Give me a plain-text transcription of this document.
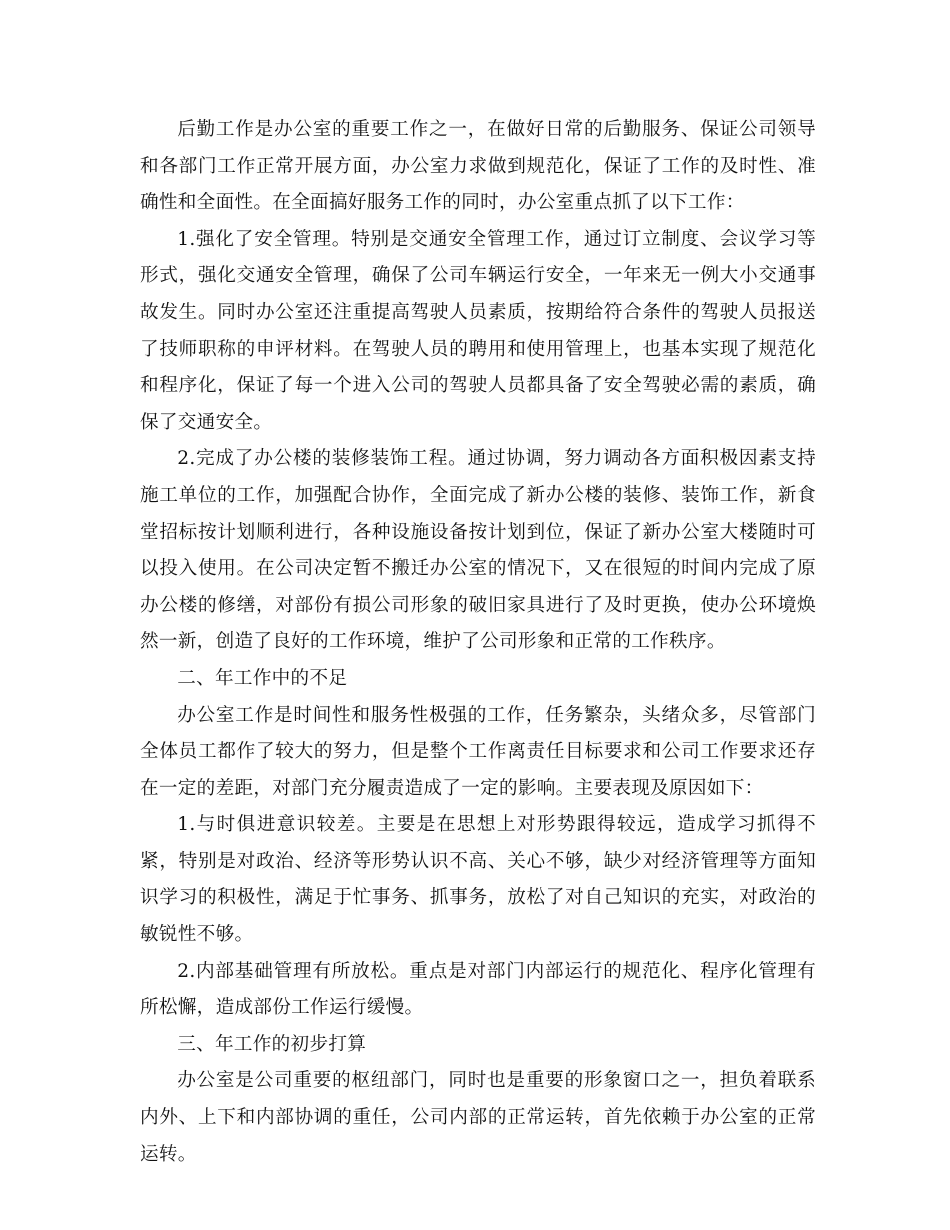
后勤工作是办公室的重要工作之一，在做好日常的后勤服务、保证公司领导和各部门工作正常开展方面，办公室力求做到规范化，保证了工作的及时性、准确性和全面性。在全面搞好服务工作的同时，办公室重点抓了以下工作：

1.强化了安全管理。特别是交通安全管理工作，通过订立制度、会议学习等形式，强化交通安全管理，确保了公司车辆运行安全，一年来无一例大小交通事故发生。同时办公室还注重提高驾驶人员素质，按期给符合条件的驾驶人员报送了技师职称的申评材料。在驾驶人员的聘用和使用管理上，也基本实现了规范化和程序化，保证了每一个进入公司的驾驶人员都具备了安全驾驶必需的素质，确保了交通安全。

2.完成了办公楼的装修装饰工程。通过协调，努力调动各方面积极因素支持施工单位的工作，加强配合协作，全面完成了新办公楼的装修、装饰工作，新食堂招标按计划顺利进行，各种设施设备按计划到位，保证了新办公室大楼随时可以投入使用。在公司决定暂不搬迁办公室的情况下，又在很短的时间内完成了原办公楼的修缮，对部份有损公司形象的破旧家具进行了及时更换，使办公环境焕然一新，创造了良好的工作环境，维护了公司形象和正常的工作秩序。

二、年工作中的不足

办公室工作是时间性和服务性极强的工作，任务繁杂，头绪众多，尽管部门全体员工都作了较大的努力，但是整个工作离责任目标要求和公司工作要求还存在一定的差距，对部门充分履责造成了一定的影响。主要表现及原因如下：

1.与时俱进意识较差。主要是在思想上对形势跟得较远，造成学习抓得不紧，特别是对政治、经济等形势认识不高、关心不够，缺少对经济管理等方面知识学习的积极性，满足于忙事务、抓事务，放松了对自己知识的充实，对政治的敏锐性不够。

2.内部基础管理有所放松。重点是对部门内部运行的规范化、程序化管理有所松懈，造成部份工作运行缓慢。

三、年工作的初步打算

办公室是公司重要的枢纽部门，同时也是重要的形象窗口之一，担负着联系内外、上下和内部协调的重任，公司内部的正常运转，首先依赖于办公室的正常运转。
